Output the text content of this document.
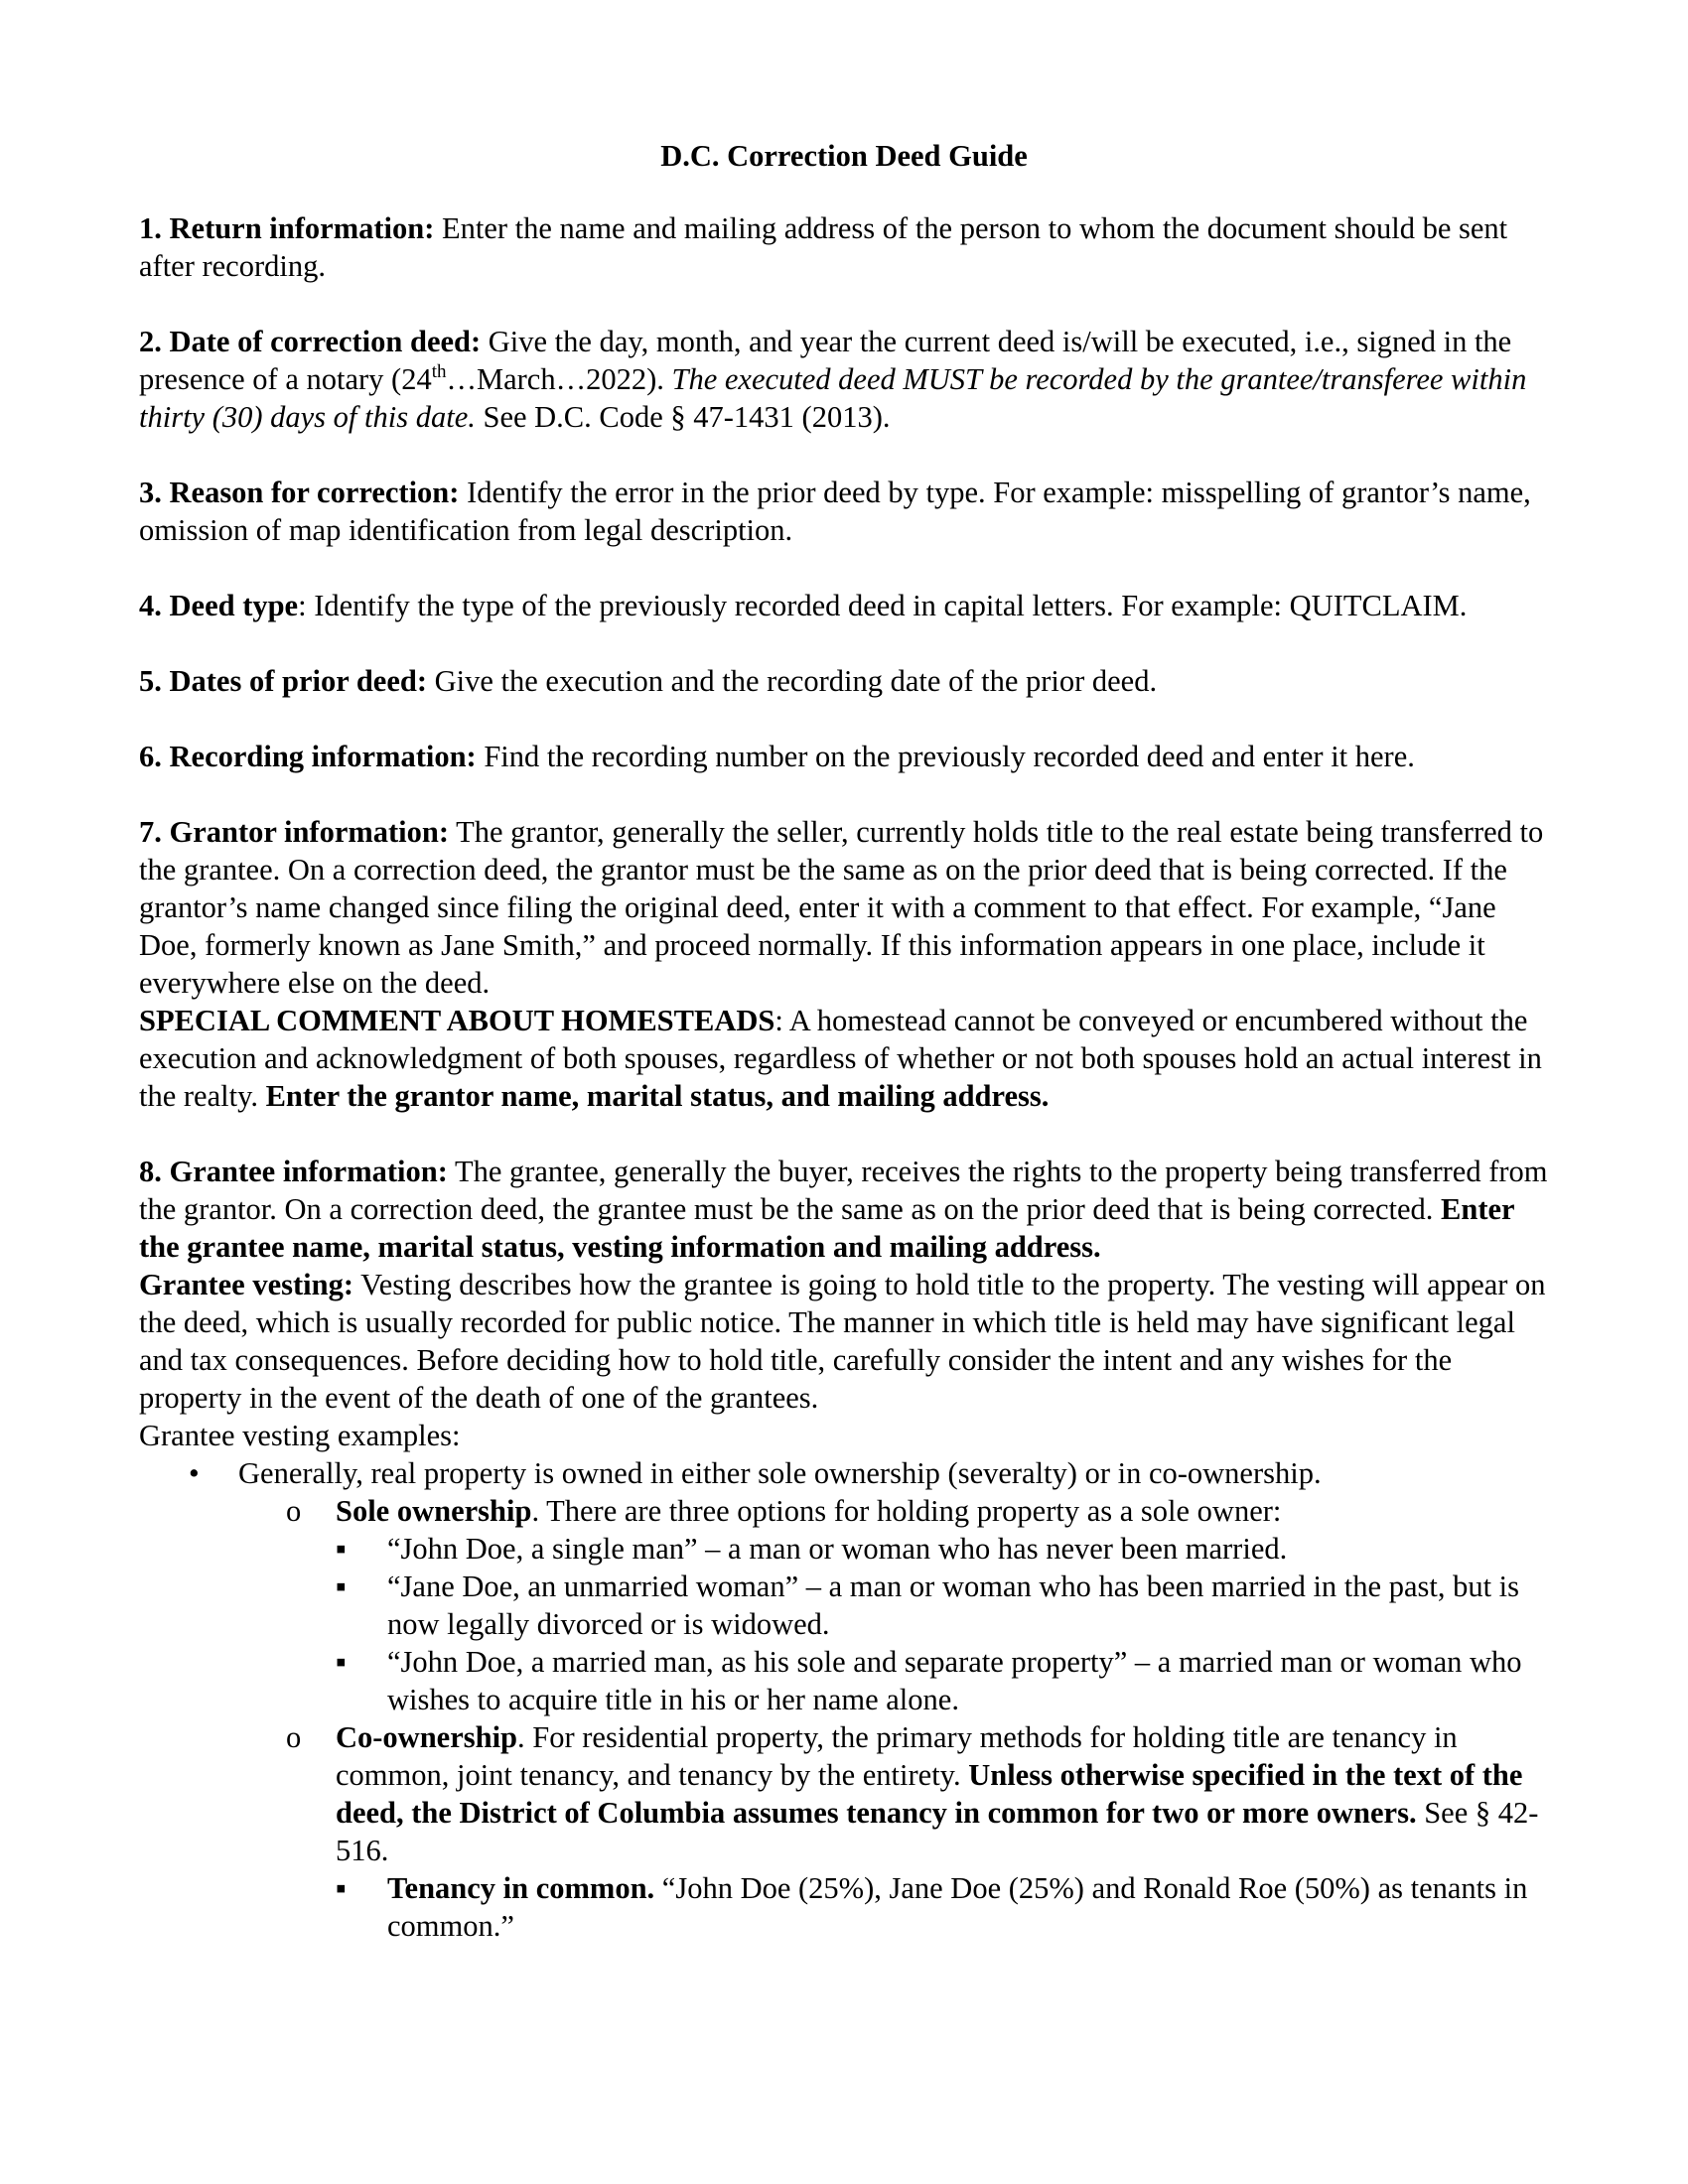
D.C. Correction Deed Guide

1. Return information: Enter the name and mailing address of the person to whom the document should be sent after recording.

2. Date of correction deed: Give the day, month, and year the current deed is/will be executed, i.e., signed in the presence of a notary (24th…March…2022). The executed deed MUST be recorded by the grantee/transferee within thirty (30) days of this date. See D.C. Code § 47-1431 (2013).

3. Reason for correction: Identify the error in the prior deed by type. For example: misspelling of grantor’s name, omission of map identification from legal description.

4. Deed type: Identify the type of the previously recorded deed in capital letters. For example: QUITCLAIM.

5. Dates of prior deed: Give the execution and the recording date of the prior deed.

6. Recording information: Find the recording number on the previously recorded deed and enter it here.

7. Grantor information: The grantor, generally the seller, currently holds title to the real estate being transferred to the grantee. On a correction deed, the grantor must be the same as on the prior deed that is being corrected. If the grantor’s name changed since filing the original deed, enter it with a comment to that effect. For example, “Jane Doe, formerly known as Jane Smith,” and proceed normally. If this information appears in one place, include it everywhere else on the deed.

SPECIAL COMMENT ABOUT HOMESTEADS: A homestead cannot be conveyed or encumbered without the execution and acknowledgment of both spouses, regardless of whether or not both spouses hold an actual interest in the realty. Enter the grantor name, marital status, and mailing address.

8. Grantee information: The grantee, generally the buyer, receives the rights to the property being transferred from the grantor. On a correction deed, the grantee must be the same as on the prior deed that is being corrected. Enter the grantee name, marital status, vesting information and mailing address.

Grantee vesting: Vesting describes how the grantee is going to hold title to the property. The vesting will appear on the deed, which is usually recorded for public notice. The manner in which title is held may have significant legal and tax consequences. Before deciding how to hold title, carefully consider the intent and any wishes for the property in the event of the death of one of the grantees.

Grantee vesting examples:

• Generally, real property is owned in either sole ownership (severalty) or in co-ownership.
o Sole ownership. There are three options for holding property as a sole owner:
▪ “John Doe, a single man” – a man or woman who has never been married.
▪ “Jane Doe, an unmarried woman” – a man or woman who has been married in the past, but is now legally divorced or is widowed.
▪ “John Doe, a married man, as his sole and separate property” – a married man or woman who wishes to acquire title in his or her name alone.
o Co-ownership. For residential property, the primary methods for holding title are tenancy in common, joint tenancy, and tenancy by the entirety. Unless otherwise specified in the text of the deed, the District of Columbia assumes tenancy in common for two or more owners. See § 42-516.
▪ Tenancy in common. “John Doe (25%), Jane Doe (25%) and Ronald Roe (50%) as tenants in common.”
